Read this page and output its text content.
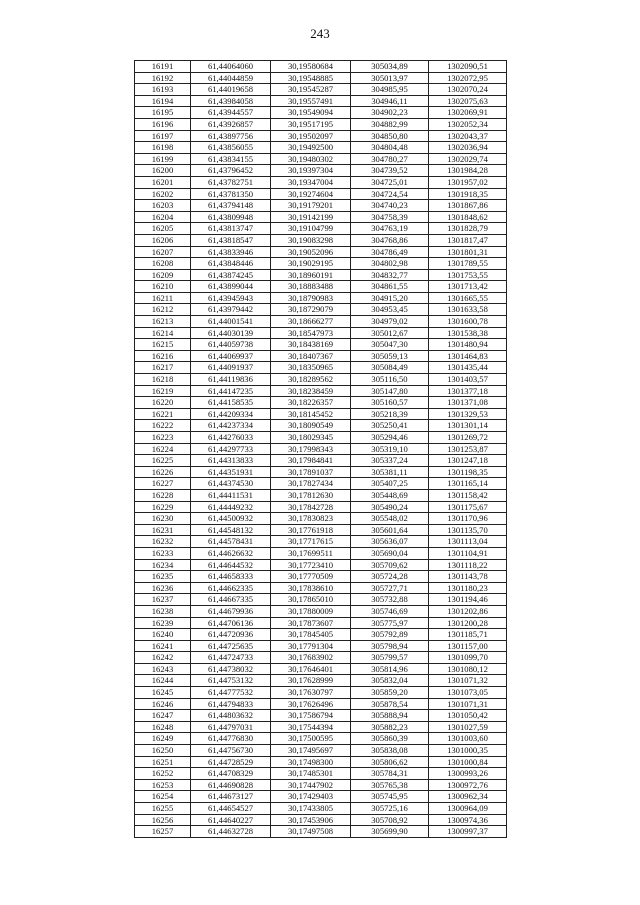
243
16191	61,44064060	30,19580684	305034,89	1302090,51
16192	61,44044859	30,19548885	305013,97	1302072,95
16193	61,44019658	30,19545287	304985,95	1302070,24
16194	61,43984058	30,19557491	304946,11	1302075,63
16195	61,43944557	30,19549094	304902,23	1302069,91
16196	61,43926857	30,19517195	304882,99	1302052,34
16197	61,43897756	30,19502097	304850,80	1302043,37
16198	61,43856055	30,19492500	304804,48	1302036,94
16199	61,43834155	30,19480302	304780,27	1302029,74
16200	61,43796452	30,19397304	304739,52	1301984,28
16201	61,43782751	30,19347004	304725,01	1301957,02
16202	61,43781350	30,19274604	304724,54	1301918,35
16203	61,43794148	30,19179201	304740,23	1301867,86
16204	61,43809948	30,19142199	304758,39	1301848,62
16205	61,43813747	30,19104799	304763,19	1301828,79
16206	61,43818547	30,19083298	304768,86	1301817,47
16207	61,43833946	30,19052096	304786,49	1301801,31
16208	61,43848446	30,19029195	304802,98	1301789,55
16209	61,43874245	30,18960191	304832,77	1301753,55
16210	61,43899044	30,18883488	304861,55	1301713,42
16211	61,43945943	30,18790983	304915,20	1301665,55
16212	61,43979442	30,18729079	304953,45	1301633,58
16213	61,44001541	30,18666277	304979,02	1301600,78
16214	61,44030139	30,18547973	305012,67	1301538,38
16215	61,44059738	30,18438169	305047,30	1301480,94
16216	61,44069937	30,18407367	305059,13	1301464,83
16217	61,44091937	30,18350965	305084,49	1301435,44
16218	61,44119836	30,18289562	305116,50	1301403,57
16219	61,44147235	30,18238459	305147,80	1301377,18
16220	61,44158535	30,18226357	305160,57	1301371,08
16221	61,44209334	30,18145452	305218,39	1301329,53
16222	61,44237334	30,18090549	305250,41	1301301,14
16223	61,44276033	30,18029345	305294,46	1301269,72
16224	61,44297733	30,17998343	305319,10	1301253,87
16225	61,44313833	30,17984841	305337,24	1301247,18
16226	61,44351931	30,17891037	305381,11	1301198,35
16227	61,44374530	30,17827434	305407,25	1301165,14
16228	61,44411531	30,17812630	305448,69	1301158,42
16229	61,44449232	30,17842728	305490,24	1301175,67
16230	61,44500932	30,17830823	305548,02	1301170,96
16231	61,44548132	30,17761918	305601,64	1301135,70
16232	61,44578431	30,17717615	305636,07	1301113,04
16233	61,44626632	30,17699511	305690,04	1301104,91
16234	61,44644532	30,17723410	305709,62	1301118,22
16235	61,44658333	30,17770509	305724,28	1301143,78
16236	61,44662335	30,17838610	305727,71	1301180,23
16237	61,44667335	30,17865010	305732,88	1301194,46
16238	61,44679936	30,17880009	305746,69	1301202,86
16239	61,44706136	30,17873607	305775,97	1301200,28
16240	61,44720936	30,17845405	305792,89	1301185,71
16241	61,44725635	30,17791304	305798,94	1301157,00
16242	61,44724733	30,17683902	305799,57	1301099,70
16243	61,44738032	30,17646401	305814,96	1301080,12
16244	61,44753132	30,17628999	305832,04	1301071,32
16245	61,44777532	30,17630797	305859,20	1301073,05
16246	61,44794833	30,17626496	305878,54	1301071,31
16247	61,44803632	30,17586794	305888,94	1301050,42
16248	61,44797031	30,17544394	305882,23	1301027,59
16249	61,44776830	30,17500595	305860,39	1301003,60
16250	61,44756730	30,17495697	305838,08	1301000,35
16251	61,44728529	30,17498300	305806,62	1301000,84
16252	61,44708329	30,17485301	305784,31	1300993,26
16253	61,44690828	30,17447902	305765,38	1300972,76
16254	61,44673127	30,17429403	305745,95	1300962,34
16255	61,44654527	30,17433805	305725,16	1300964,09
16256	61,44640227	30,17453906	305708,92	1300974,36
16257	61,44632728	30,17497508	305699,90	1300997,37
